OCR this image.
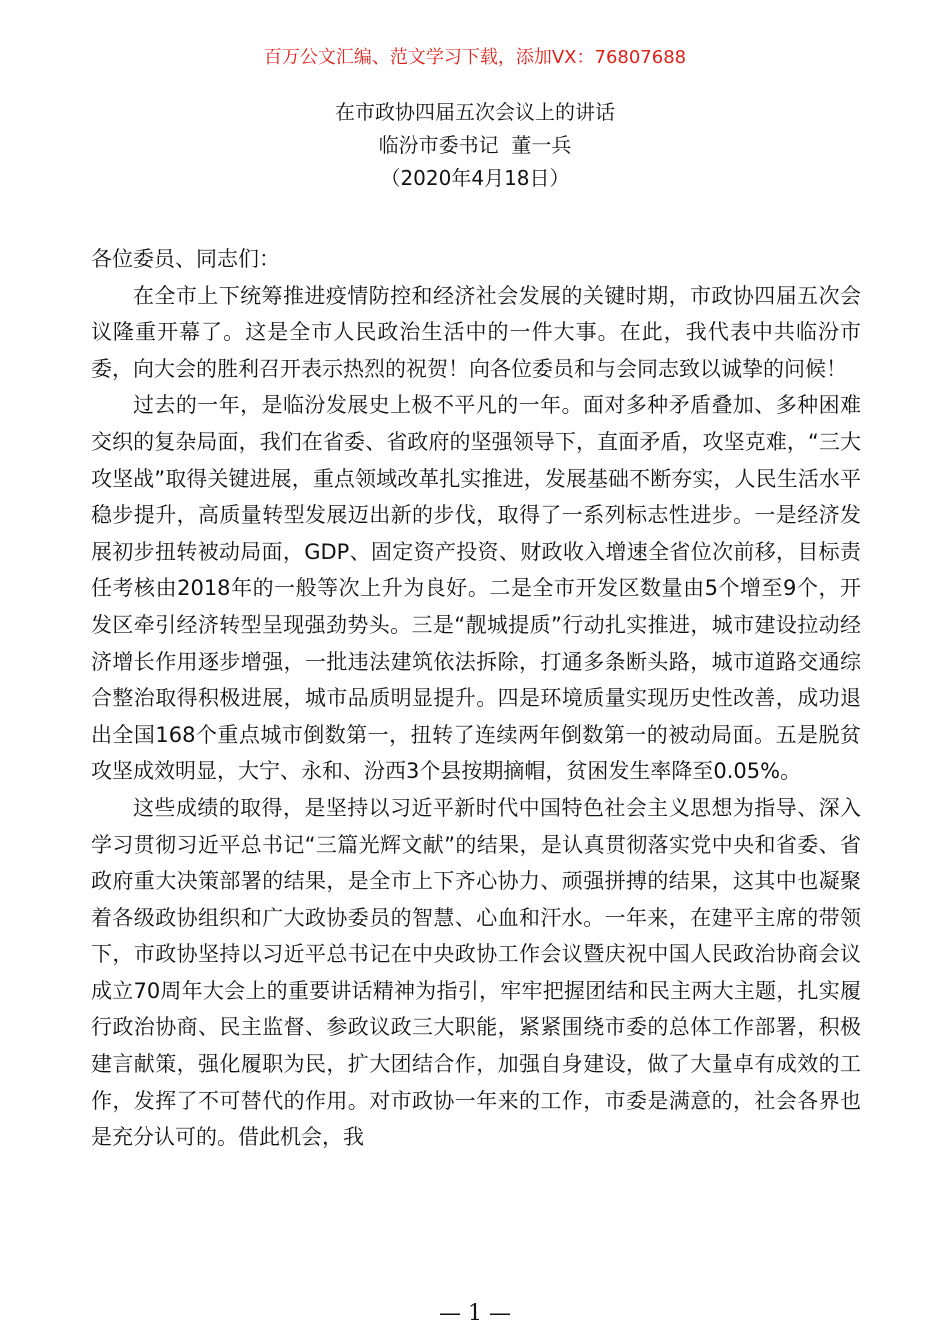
百万公文汇编、范文学习下载，添加VX：76807688
在市政协四届五次会议上的讲话
临汾市委书记  董一兵
（2020年4月18日）

各位委员、同志们：

在全市上下统筹推进疫情防控和经济社会发展的关键时期，市政协四届五次会议隆重开幕了。这是全市人民政治生活中的一件大事。在此，我代表中共临汾市委，向大会的胜利召开表示热烈的祝贺！向各位委员和与会同志致以诚挚的问候！

过去的一年，是临汾发展史上极不平凡的一年。面对多种矛盾叠加、多种困难交织的复杂局面，我们在省委、省政府的坚强领导下，直面矛盾，攻坚克难，“三大攻坚战”取得关键进展，重点领域改革扎实推进，发展基础不断夯实，人民生活水平稳步提升，高质量转型发展迈出新的步伐，取得了一系列标志性进步。一是经济发展初步扭转被动局面，GDP、固定资产投资、财政收入增速全省位次前移，目标责任考核由2018年的一般等次上升为良好。二是全市开发区数量由5个增至9个，开发区牵引经济转型呈现强劲势头。三是“靓城提质”行动扎实推进，城市建设拉动经济增长作用逐步增强，一批违法建筑依法拆除，打通多条断头路，城市道路交通综合整治取得积极进展，城市品质明显提升。四是环境质量实现历史性改善，成功退出全国168个重点城市倒数第一，扭转了连续两年倒数第一的被动局面。五是脱贫攻坚成效明显，大宁、永和、汾西3个县按期摘帽，贫困发生率降至0.05%。

这些成绩的取得，是坚持以习近平新时代中国特色社会主义思想为指导、深入学习贯彻习近平总书记“三篇光辉文献”的结果，是认真贯彻落实党中央和省委、省政府重大决策部署的结果，是全市上下齐心协力、顽强拼搏的结果，这其中也凝聚着各级政协组织和广大政协委员的智慧、心血和汗水。一年来，在建平主席的带领下，市政协坚持以习近平总书记在中央政协工作会议暨庆祝中国人民政治协商会议成立70周年大会上的重要讲话精神为指引，牢牢把握团结和民主两大主题，扎实履行政治协商、民主监督、参政议政三大职能，紧紧围绕市委的总体工作部署，积极建言献策，强化履职为民，扩大团结合作，加强自身建设，做了大量卓有成效的工作，发挥了不可替代的作用。对市政协一年来的工作，市委是满意的，社会各界也是充分认可的。借此机会，我

— 1 —
